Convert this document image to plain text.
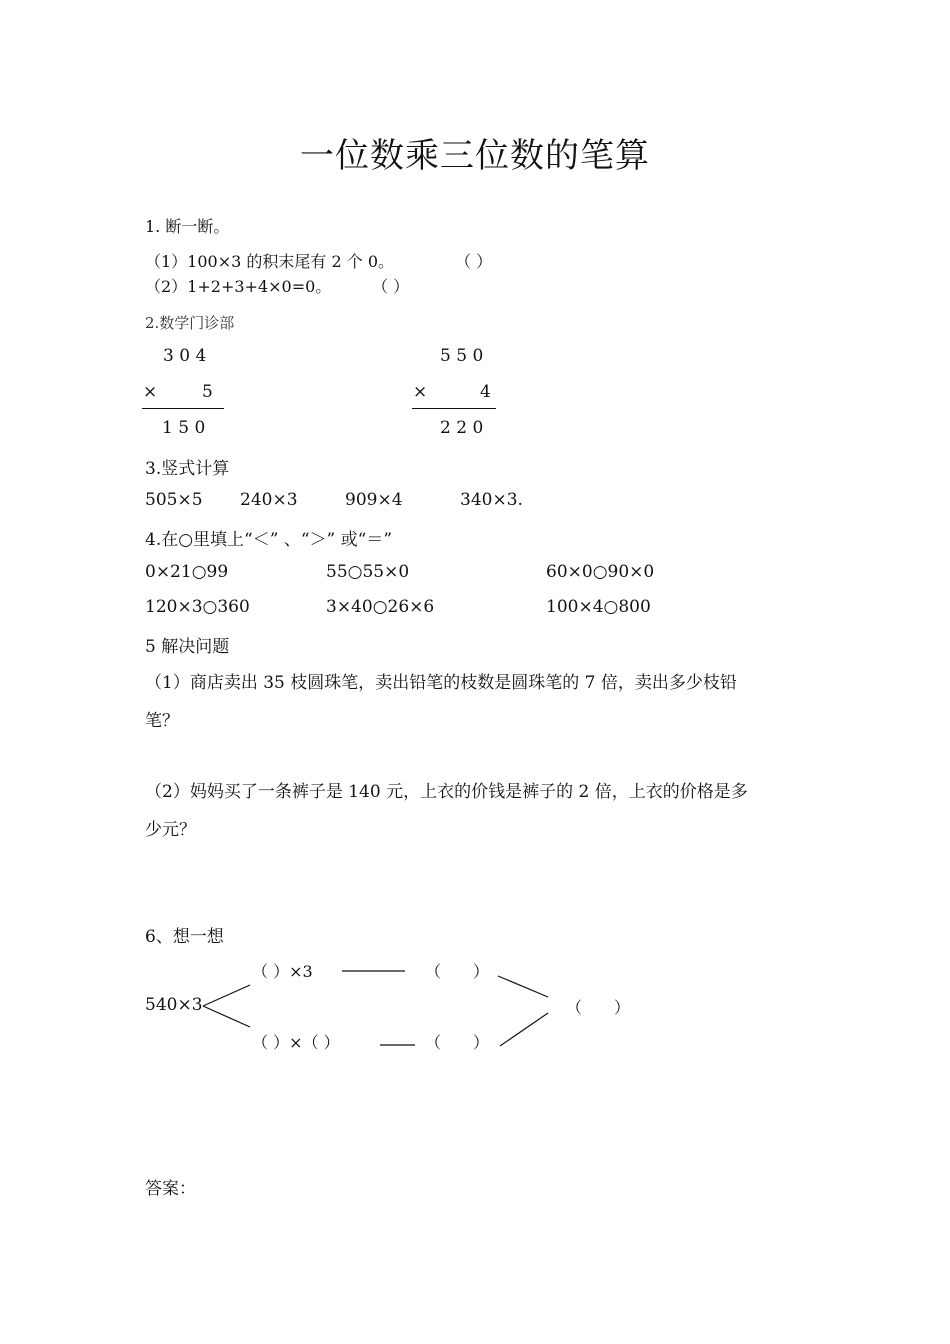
一位数乘三位数的笔算
1. 断一断。
（1）100×3 的积末尾有 2 个 0。	（ ）
（2）1+2+3+4×0=0。	（ ）
2.数学门诊部
3 0 4
×	5
1 5 0
5 5 0
×	4
2 2 0
3.竖式计算
505×5 240×3	909×4	340×3.
4.在○里填上“＜” 、“＞” 或“＝”
0×21○99	55○55×0	60×0○90×0
120×3○360	3×40○26×6	100×4○800
5 解决问题
（1）商店卖出 35 枝圆珠笔，卖出铅笔的枝数是圆珠笔的 7 倍，卖出多少枝铅
笔？
（2）妈妈买了一条裤子是 140 元，上衣的价钱是裤子的 2 倍，上衣的价格是多
少元？
6、想一想
540×3
（ ）×3	（　　）
（ ）×（ ）	（　　）
（　　）
答案：
